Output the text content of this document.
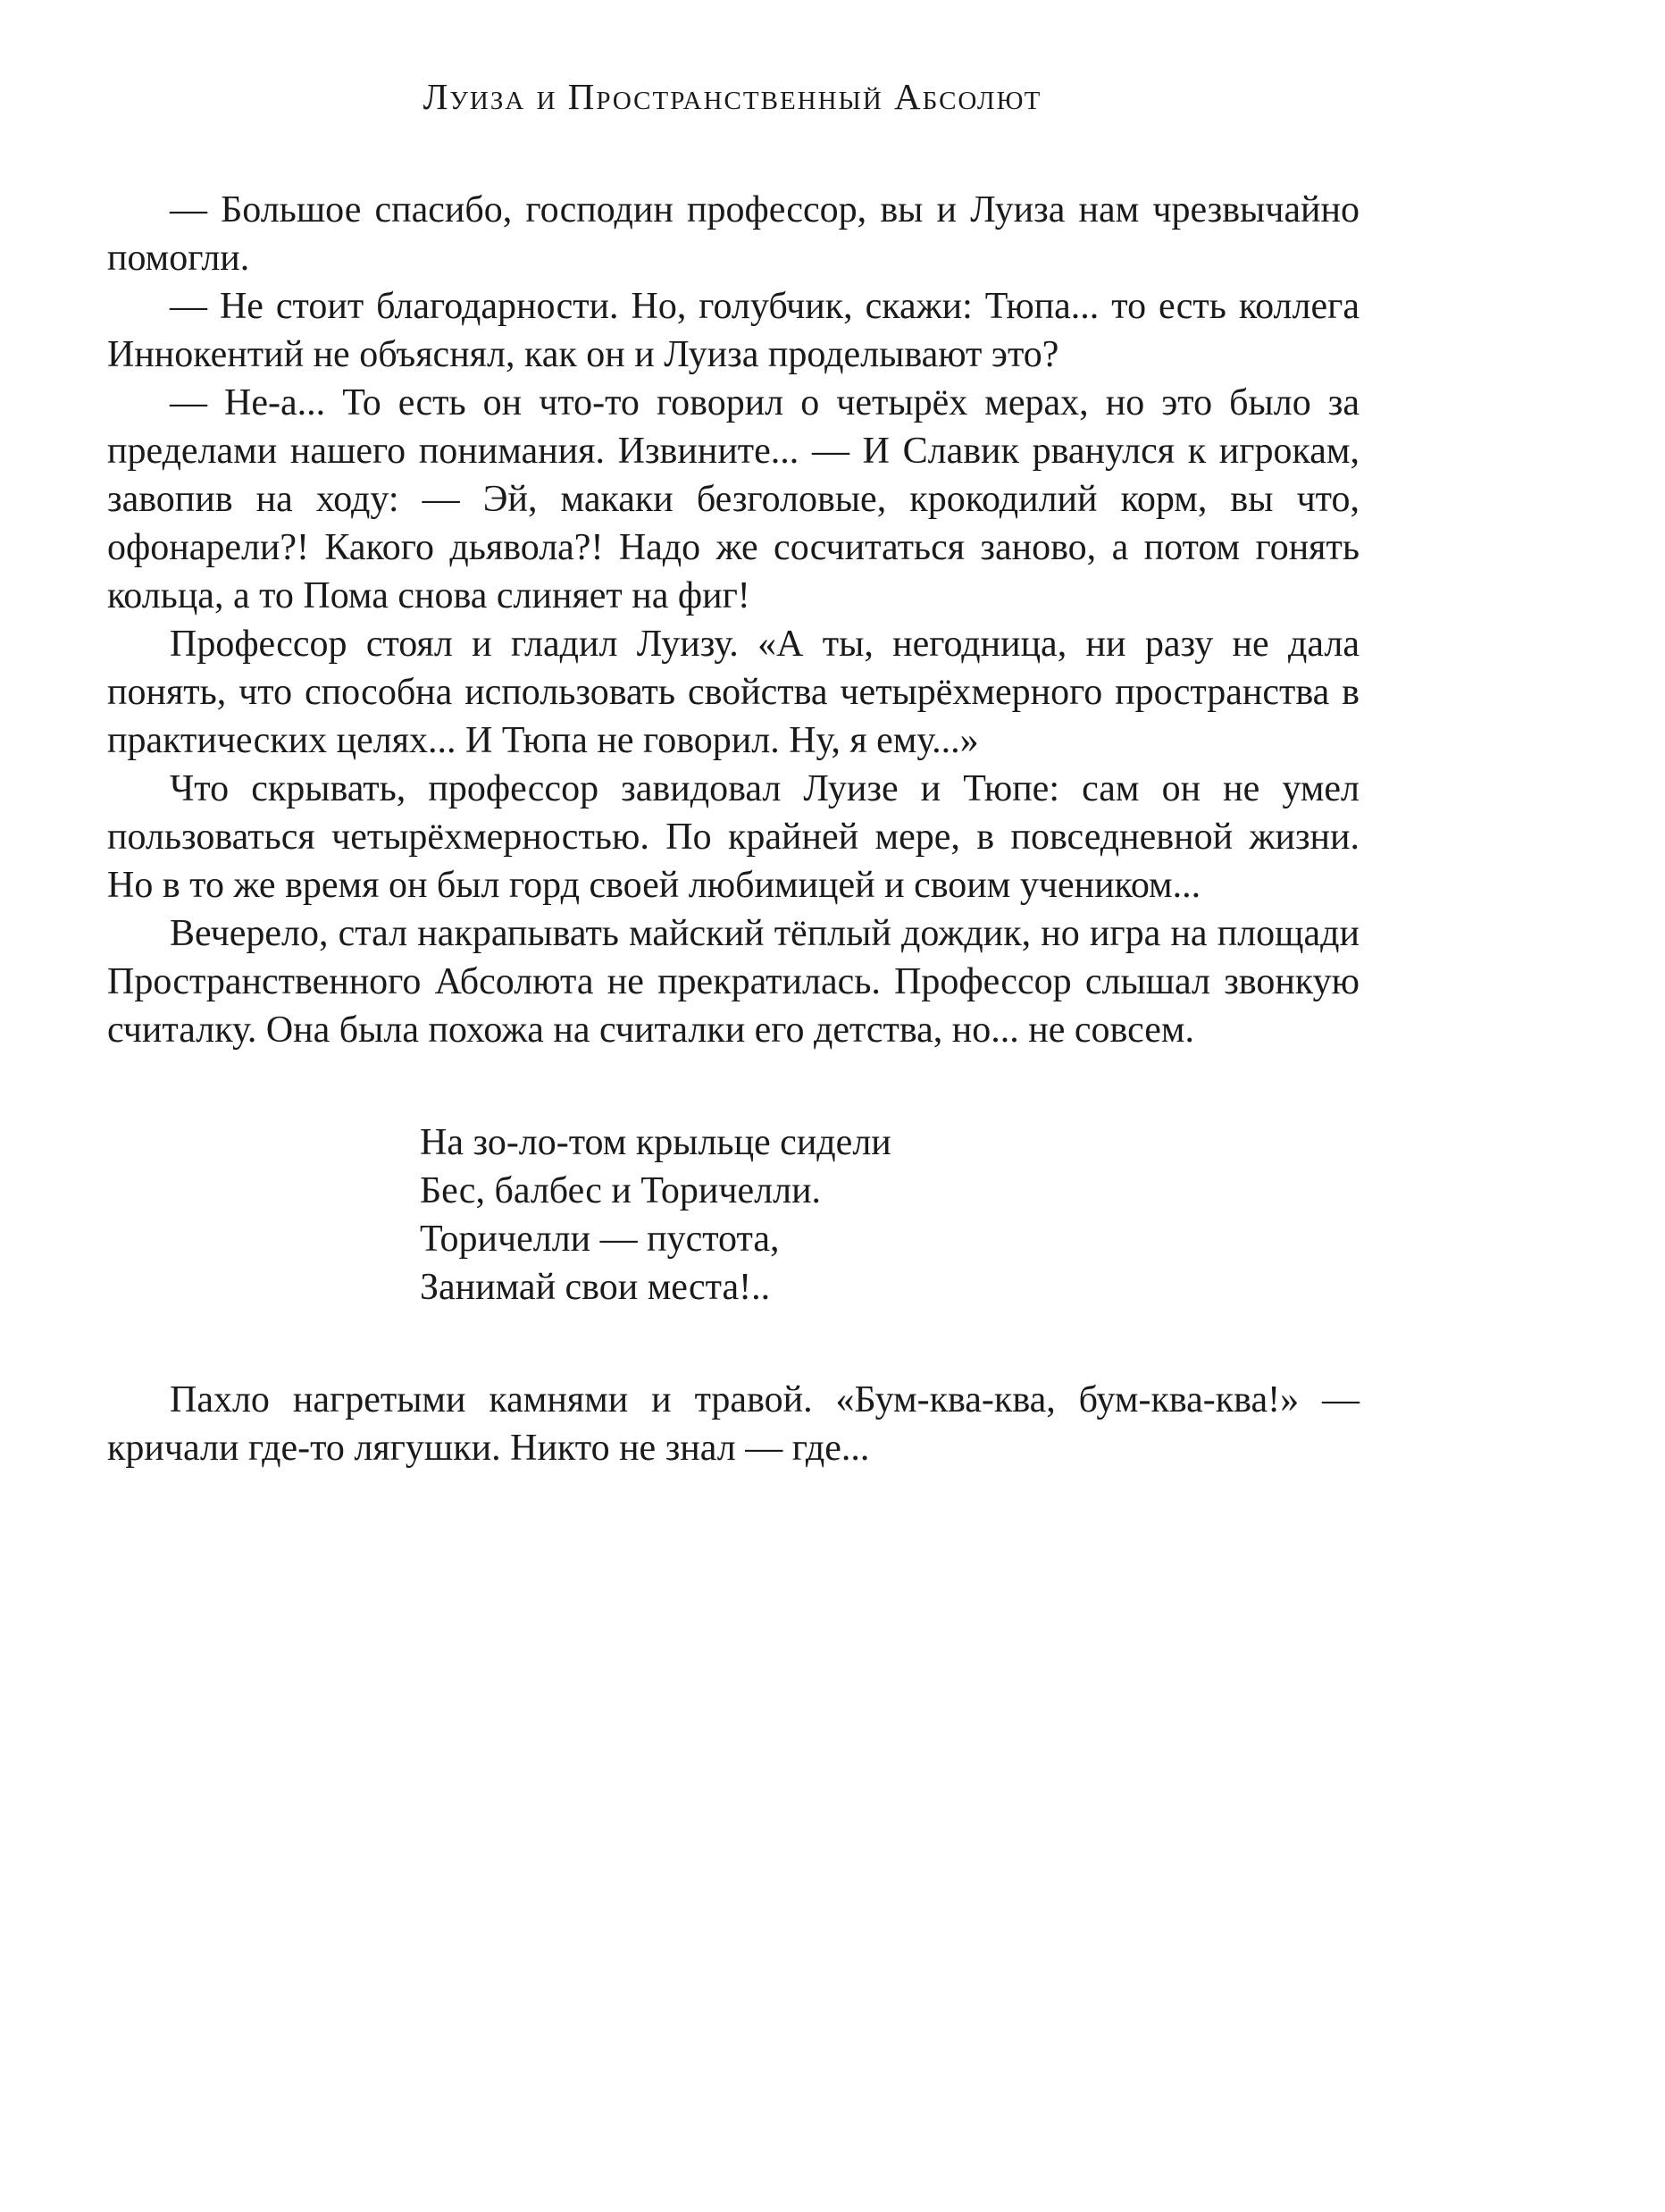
Луиза и Пространственный Абсолют

— Большое спасибо, господин профессор, вы и Луиза нам чрезвычайно помогли.

— Не стоит благодарности. Но, голубчик, скажи: Тюпа... то есть коллега Иннокентий не объяснял, как он и Луиза проделывают это?

— Не-а... То есть он что-то говорил о четырёх мерах, но это было за пределами нашего понимания. Извините... — И Славик рванулся к игрокам, завопив на ходу: — Эй, макаки безголовые, крокодилий корм, вы что, офонарели?! Какого дьявола?! Надо же сосчитаться заново, а потом гонять кольца, а то Пома снова слиняет на фиг!

Профессор стоял и гладил Луизу. «А ты, негодница, ни разу не дала понять, что способна использовать свойства четырёхмерного пространства в практических целях... И Тюпа не говорил. Ну, я ему...»

Что скрывать, профессор завидовал Луизе и Тюпе: сам он не умел пользоваться четырёхмерностью. По крайней мере, в повседневной жизни. Но в то же время он был горд своей любимицей и своим учеником...

Вечерело, стал накрапывать майский тёплый дождик, но игра на площади Пространственного Абсолюта не прекратилась. Профессор слышал звонкую считалку. Она была похожа на считалки его детства, но... не совсем.

На зо-ло-том крыльце сидели
Бес, балбес и Торичелли.
Торичелли — пустота,
Занимай свои места!..

Пахло нагретыми камнями и травой. «Бум-ква-ква, бум-ква-ква!» — кричали где-то лягушки. Никто не знал — где...
